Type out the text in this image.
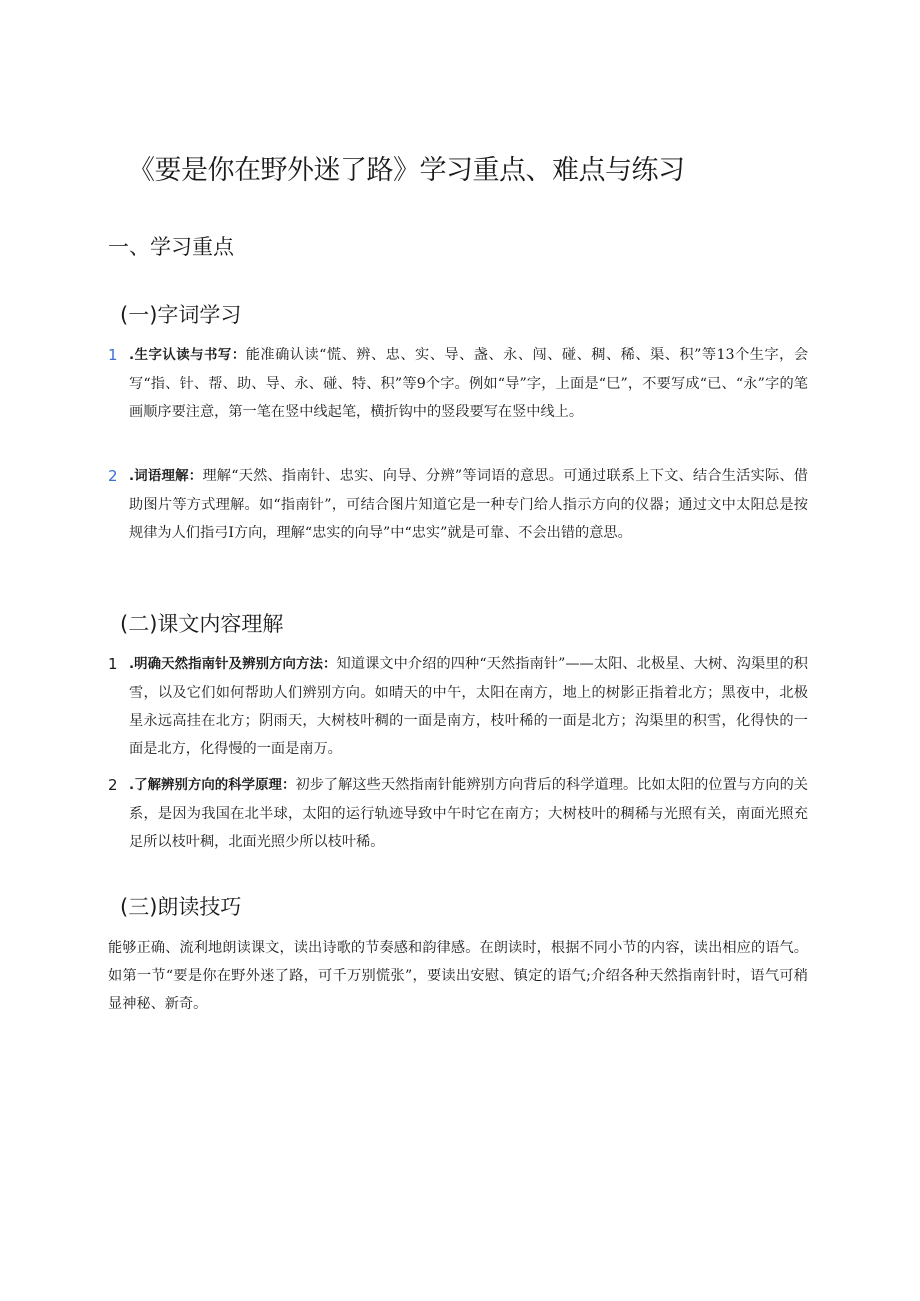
《要是你在野外迷了路》学习重点、难点与练习
一、学习重点
(一)字词学习
1 .生字认读与书写：能准确认读“慌、辨、忠、实、导、盏、永、闯、碰、稠、稀、渠、积”等13个生字，会写“指、针、帮、助、导、永、碰、特、积”等9个字。例如“导”字，上面是“巳”，不要写成“已、“永”字的笔画顺序要注意，第一笔在竖中线起笔，横折钩中的竖段要写在竖中线上。
2 .词语理解：理解“天然、指南针、忠实、向导、分辨”等词语的意思。可通过联系上下文、结合生活实际、借助图片等方式理解。如“指南针”，可结合图片知道它是一种专门给人指示方向的仪器；通过文中太阳总是按规律为人们指弓I方向，理解“忠实的向导”中“忠实”就是可靠、不会出错的意思。
(二)课文内容理解
1 .明确天然指南针及辨别方向方法：知道课文中介绍的四种“天然指南针”——太阳、北极星、大树、沟渠里的积雪，以及它们如何帮助人们辨别方向。如晴天的中午，太阳在南方，地上的树影正指着北方；黑夜中，北极星永远高挂在北方；阴雨天，大树枝叶稠的一面是南方，枝叶稀的一面是北方；沟渠里的积雪，化得快的一面是北方，化得慢的一面是南万。
2 .了解辨别方向的科学原理：初步了解这些天然指南针能辨别方向背后的科学道理。比如太阳的位置与方向的关系，是因为我国在北半球，太阳的运行轨迹导致中午时它在南方；大树枝叶的稠稀与光照有关，南面光照充足所以枝叶稠，北面光照少所以枝叶稀。
(三)朗读技巧

能够正确、流利地朗读课文，读出诗歌的节奏感和韵律感。在朗读时，根据不同小节的内容，读出相应的语气。如第一节“要是你在野外迷了路，可千万别慌张”，要读出安慰、镇定的语气;介绍各种天然指南针时，语气可稍显神秘、新奇。
